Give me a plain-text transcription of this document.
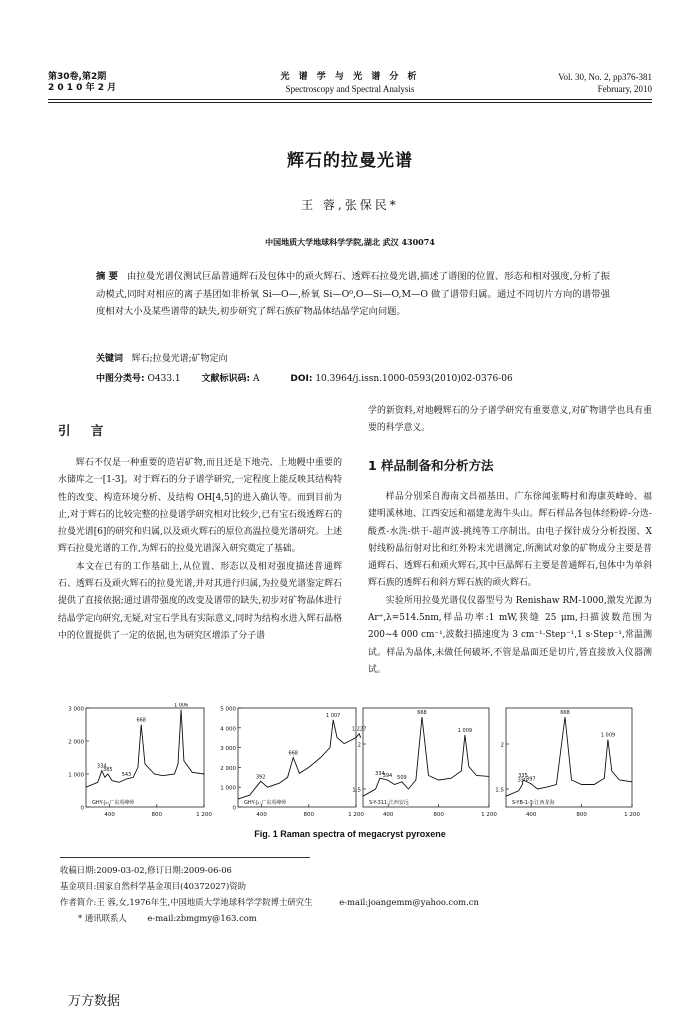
第30卷,第2期
2 0 1 0 年 2 月
光 谱 学 与 光 谱 分 析
Spectroscopy and Spectral Analysis
Vol. 30, No. 2, pp376-381
February, 2010
辉石的拉曼光谱
王 蓉,张保民*
中国地质大学地球科学学院,湖北 武汉 430074
摘 要 由拉曼光谱仪测试巨晶普通辉石及包体中的顽火辉石、透辉石拉曼光谱,描述了谱图的位置、形态和相对强度,分析了振动模式,同时对相应的离子基团如非桥氧 Si—O—,桥氧 Si—O⁰,O—Si—O,M—O 做了谱带归属。通过不同切片方向的谱带强度相对大小及某些谱带的缺失,初步研究了辉石族矿物晶体结晶学定向问题。
关键词 辉石;拉曼光谱;矿物定向
中图分类号: O433.1 文献标识码: A	DOI: 10.3964/j.issn.1000-0593(2010)02-0376-06
引 言

辉石不仅是一种重要的造岩矿物,而且还是下地壳、上地幔中重要的水储库之一[1-3]。对于辉石的分子谱学研究,一定程度上能反映其结构特性的改变、构造环境分析、及结构 OH[4,5]的进入确认等。而到目前为止,对于辉石的比较完整的拉曼谱学研究相对比较少,已有宝石级透辉石的拉曼光谱[6]的研究和归属,以及顽火辉石的原位高温拉曼光谱研究。上述辉石拉曼光谱的工作,为辉石的拉曼光谱深入研究奠定了基础。

本文在已有的工作基础上,从位置、形态以及相对强度描述普通辉石、透辉石及顽火辉石的拉曼光谱,并对其进行归属,为拉曼光谱鉴定辉石提供了直接依据;通过谱带强度的改变及谱带的缺失,初步对矿物晶体进行结晶学定向研究,无疑,对宝石学具有实际意义,同时为结构水进入辉石晶格中的位置提供了一定的依据,也为研究区增添了分子谱

学的新资料,对地幔辉石的分子谱学研究有重要意义,对矿物谱学也具有重要的科学意义。

1 样品制备和分析方法

样品分别采自海南文昌福基田、广东徐闻张畴村和海康英峰岭、福建明溪林地、江西安远和福建龙海牛头山。辉石样品各包体经粉碎-分选-酸煮-水洗-烘干-超声波-挑纯等工序制出。由电子探针成分分析投图、X射线粉晶衍射对比和红外粉末光谱测定,所测试对象的矿物成分主要是普通辉石、透辉石和顽火辉石,其中巨晶辉石主要是普通辉石,包体中为单斜辉石族的透辉石和斜方辉石族的顽火辉石。

实验所用拉曼光谱仪仪器型号为 Renishaw RM-1000,激发光源为 Ar⁺,λ=514.5nm,样品功率:1 mW,狭缝 25 μm,扫描波数范围为 200~4 000 cm⁻¹,波数扫描速度为 3 cm⁻¹·Step⁻¹,1 s·Step⁻¹,常温测试。样品为晶体,未做任何破坏,不管是晶面还是切片,皆直接放入仪器测试。

0
1 000
2 000
3 000
400	800	1 200
334
385
543
668
1 006
GHY-J₄:广东英峰岭
0
1 000
2 000
3 000
4 000
5 000
400	800	1 200
392
668
1 007
1 227
GHY-J₁:广东英峰岭
1.5
2
400	800	1 200
334
394 509
668
1 009
S-Y-311:江西安远
1.5
2
400	800	1 200
335
330
397
668
1 009
S-YB-1-3:江西龙海
Fig. 1 Raman spectra of megacryst pyroxene
收稿日期:2009-03-02,修订日期:2009-06-06
基金项目:国家自然科学基金项目(40372027)资助
作者简介:王 蓉,女,1976年生,中国地质大学地球科学学院博士研究生	e-mail:joangemm@yahoo.com.cn
* 通讯联系人 e-mail:zbmgmy@163.com
万方数据
